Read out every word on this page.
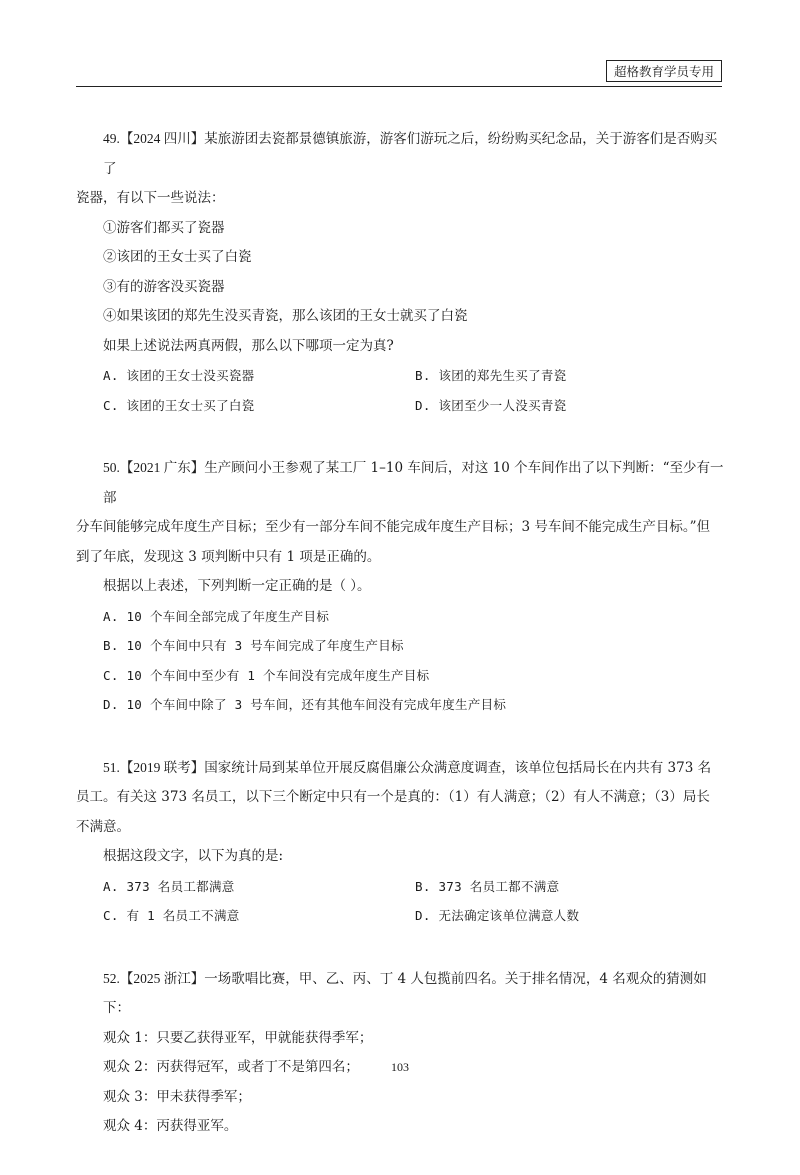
超格教育学员专用
49.【2024 四川】某旅游团去瓷都景德镇旅游，游客们游玩之后，纷纷购买纪念品，关于游客们是否购买了
瓷器，有以下一些说法：
①游客们都买了瓷器
②该团的王女士买了白瓷
③有的游客没买瓷器
④如果该团的郑先生没买青瓷，那么该团的王女士就买了白瓷
如果上述说法两真两假，那么以下哪项一定为真?
A. 该团的王女士没买瓷器	B. 该团的郑先生买了青瓷
C. 该团的王女士买了白瓷	D. 该团至少一人没买青瓷
50.【2021 广东】生产顾问小王参观了某工厂 1–10 车间后，对这 10 个车间作出了以下判断：“至少有一部
分车间能够完成年度生产目标；至少有一部分车间不能完成年度生产目标；3 号车间不能完成生产目标。”但
到了年底，发现这 3 项判断中只有 1 项是正确的。
根据以上表述，下列判断一定正确的是（ ）。
A. 10 个车间全部完成了年度生产目标
B. 10 个车间中只有 3 号车间完成了年度生产目标
C. 10 个车间中至少有 1 个车间没有完成年度生产目标
D. 10 个车间中除了 3 号车间，还有其他车间没有完成年度生产目标
51.【2019 联考】国家统计局到某单位开展反腐倡廉公众满意度调查，该单位包括局长在内共有 373 名
员工。有关这 373 名员工，以下三个断定中只有一个是真的：（1）有人满意；（2）有人不满意；（3）局长
不满意。
根据这段文字，以下为真的是:
A. 373 名员工都满意	B. 373 名员工都不满意
C. 有 1 名员工不满意	D. 无法确定该单位满意人数
52.【2025 浙江】一场歌唱比赛，甲、乙、丙、丁 4 人包揽前四名。关于排名情况，4 名观众的猜测如下：
观众 1：只要乙获得亚军，甲就能获得季军；
观众 2：丙获得冠军，或者丁不是第四名；
观众 3：甲未获得季军；
观众 4：丙获得亚军。
103
